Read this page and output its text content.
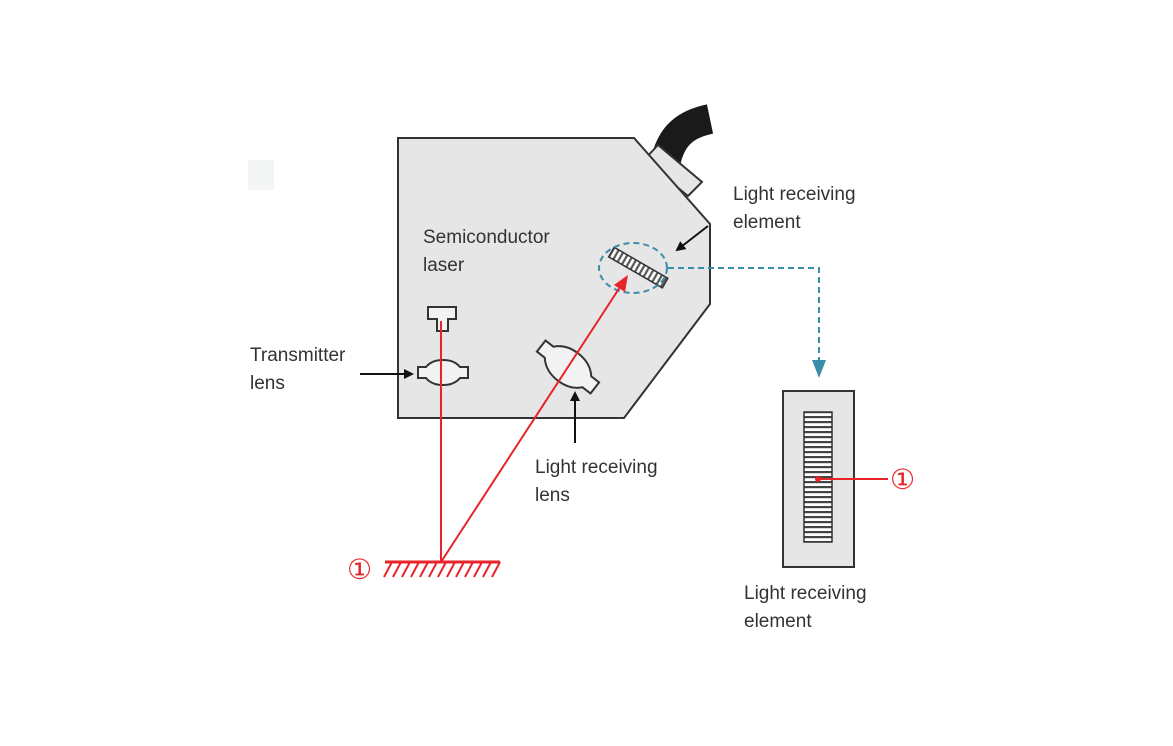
Semiconductor
laser
Transmitter
lens
Light receiving
lens
Light receiving
element
Light receiving
element
①
①
